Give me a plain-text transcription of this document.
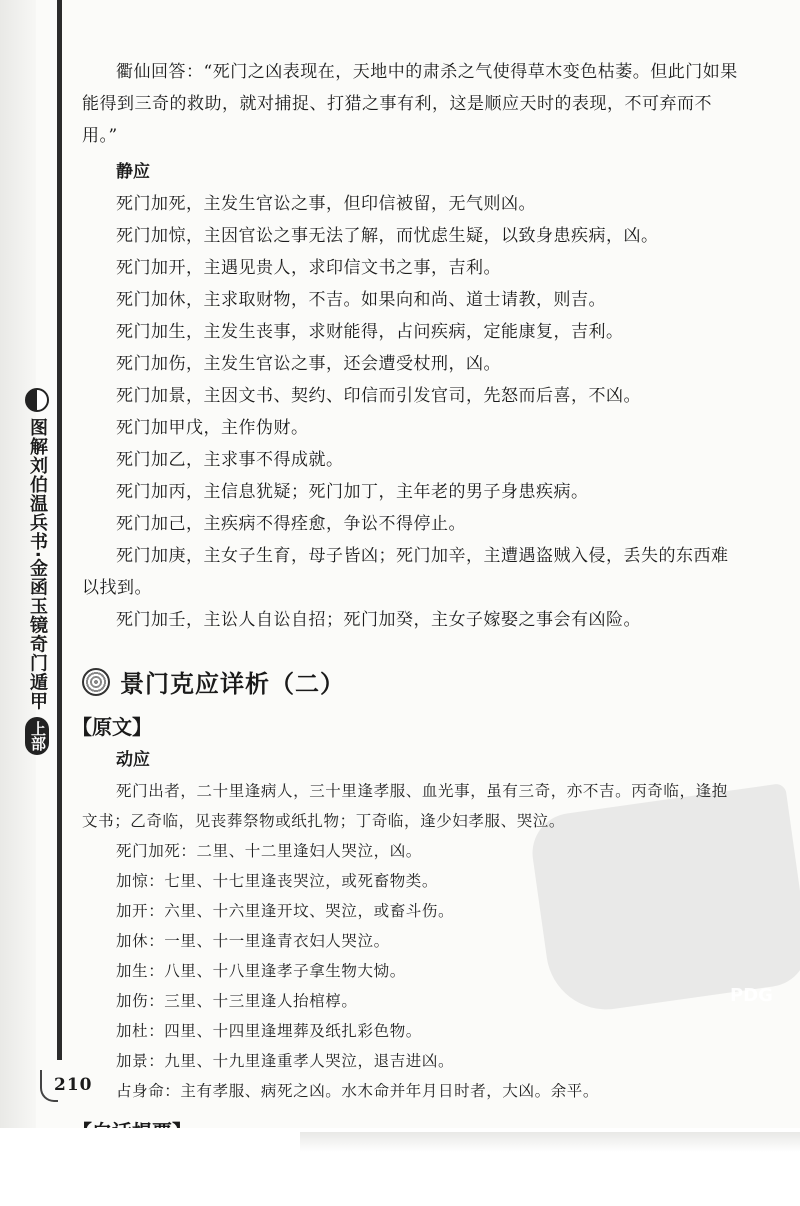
图解刘伯温兵书·金函玉镜奇门遁甲
上部
PDG

衢仙回答：“死门之凶表现在，天地中的肃杀之气使得草木变色枯萎。但此门如果能得到三奇的救助，就对捕捉、打猎之事有利，这是顺应天时的表现，不可弃而不用。”

静应

死门加死，主发生官讼之事，但印信被留，无气则凶。

死门加惊，主因官讼之事无法了解，而忧虑生疑，以致身患疾病，凶。

死门加开，主遇见贵人，求印信文书之事，吉利。

死门加休，主求取财物，不吉。如果向和尚、道士请教，则吉。

死门加生，主发生丧事，求财能得，占问疾病，定能康复，吉利。

死门加伤，主发生官讼之事，还会遭受杖刑，凶。

死门加景，主因文书、契约、印信而引发官司，先怒而后喜，不凶。

死门加甲戊，主作伪财。

死门加乙，主求事不得成就。

死门加丙，主信息犹疑；死门加丁，主年老的男子身患疾病。

死门加己，主疾病不得痊愈，争讼不得停止。

死门加庚，主女子生育，母子皆凶；死门加辛，主遭遇盗贼入侵，丢失的东西难以找到。

死门加壬，主讼人自讼自招；死门加癸，主女子嫁娶之事会有凶险。

景门克应详析（二）
【原文】
动应

死门出者，二十里逢病人，三十里逢孝服、血光事，虽有三奇，亦不吉。丙奇临，逢抱文书；乙奇临，见丧葬祭物或纸扎物；丁奇临，逢少妇孝服、哭泣。

死门加死：二里、十二里逢妇人哭泣，凶。

加惊：七里、十七里逢丧哭泣，或死畜物类。

加开：六里、十六里逢开坟、哭泣，或畜斗伤。

加休：一里、十一里逢青衣妇人哭泣。

加生：八里、十八里逢孝子拿生物大恸。

加伤：三里、十三里逢人抬棺椁。

加杜：四里、十四里逢埋葬及纸扎彩色物。

加景：九里、十九里逢重孝人哭泣，退吉进凶。

占身命：主有孝服、病死之凶。水木命并年月日时者，大凶。余平。

210
